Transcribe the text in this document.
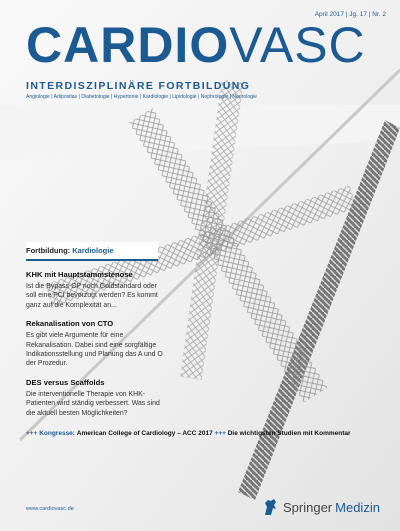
April 2017 | Jg. 17 | Nr. 2
CARDIOVASC
INTERDISZIPLINÄRE FORTBILDUNG
Angiologie | Adipositas | Diabetologie | Hypertonie | Kardiologie | Lipidologie | Nephrologie | Neurologie
Fortbildung: Kardiologie
KHK mit Hauptstammstenose
Ist die Bypass-OP noch Goldstandard oder soll eine PCI bevorzugt werden? Es kommt ganz auf die Komplexität an...
Rekanalisation von CTO
Es gibt viele Argumente für eine Rekanalisation. Dabei sind eine sorgfältige Indikationsstellung und Planung das A und O der Prozedur.
DES versus Scaffolds
Die interventionelle Therapie von KHK-Patienten wird ständig verbessert. Was sind die aktuell besten Möglichkeiten?
+++ Kongresse: American College of Cardiology – ACC 2017 +++ Die wichtigsten Studien mit Kommentar
www.cardiovasc.de	Springer Medizin
